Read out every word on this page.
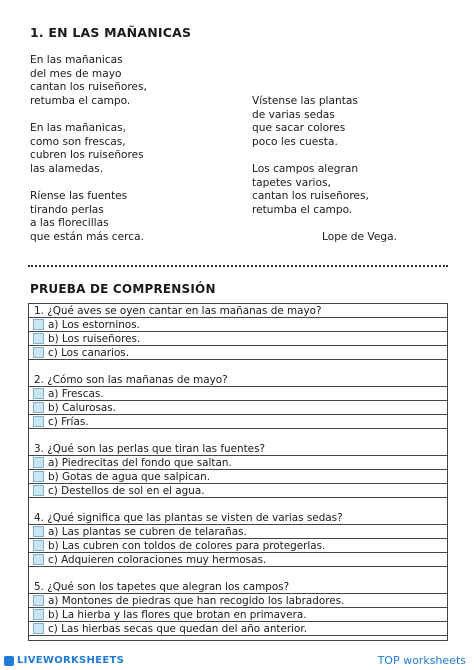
1. EN LAS MAÑANICAS
En las mañanicas
del mes de mayo
cantan los ruiseñores,
retumba el campo.
En las mañanicas,
como son frescas,
cubren los ruiseñores
las alamedas.
Ríense las fuentes
tirando perlas
a las florecillas
que están más cerca.
Vístense las plantas
de varias sedas
que sacar colores
poco les cuesta.
Los campos alegran
tapetes varios,
cantan los ruiseñores,
retumba el campo.
Lope de Vega.
PRUEBA DE COMPRENSIÓN
1. ¿Qué aves se oyen cantar en las mañanas de mayo?
a) Los estorninos.
b) Los ruiseñores.
c) Los canarios.
2. ¿Cómo son las mañanas de mayo?
a) Frescas.
b) Calurosas.
c) Frías.
3. ¿Qué son las perlas que tiran las fuentes?
a) Piedrecitas del fondo que saltan.
b) Gotas de agua que salpican.
c) Destellos de sol en el agua.
4. ¿Qué significa que las plantas se visten de varias sedas?
a) Las plantas se cubren de telarañas.
b) Las cubren con toldos de colores para protegerlas.
c) Adquieren coloraciones muy hermosas.
5. ¿Qué son los tapetes que alegran los campos?
a) Montones de piedras que han recogido los labradores.
b) La hierba y las flores que brotan en primavera.
c) Las hierbas secas que quedan del año anterior.
LIVEWORKSHEETS	TOP worksheets
